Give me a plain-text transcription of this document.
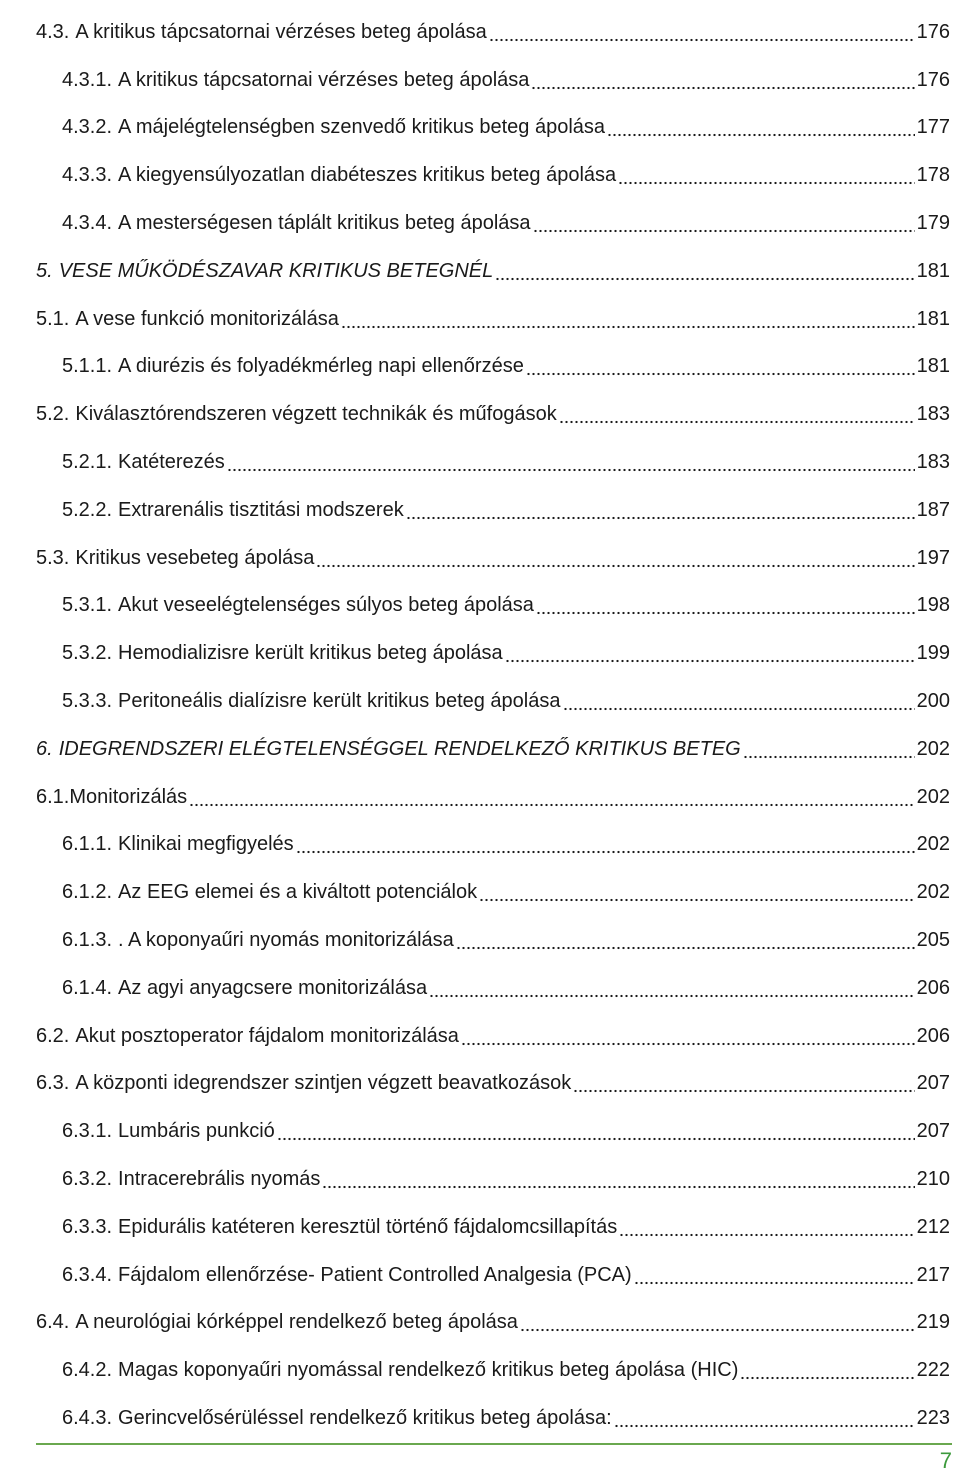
4.3. A kritikus tápcsatornai vérzéses beteg ápolása	176
4.3.1. A kritikus tápcsatornai vérzéses beteg ápolása	176
4.3.2. A májelégtelenségben szenvedő kritikus beteg ápolása	177
4.3.3. A kiegyensúlyozatlan diabéteszes kritikus beteg ápolása	178
4.3.4. A mesterségesen táplált kritikus beteg ápolása	179
5. VESE MŰKÖDÉSZAVAR KRITIKUS BETEGNÉL	181
5.1. A vese funkció monitorizálása	181
5.1.1. A diurézis és folyadékmérleg napi ellenőrzése	181
5.2. Kiválasztórendszeren végzett technikák és műfogások	183
5.2.1. Katéterezés	183
5.2.2. Extrarenális tisztitási modszerek	187
5.3. Kritikus vesebeteg ápolása	197
5.3.1. Akut veseelégtelenséges súlyos beteg ápolása	198
5.3.2. Hemodializisre került kritikus beteg ápolása	199
5.3.3. Peritoneális dialízisre került kritikus beteg ápolása	200
6. IDEGRENDSZERI ELÉGTELENSÉGGEL RENDELKEZŐ KRITIKUS BETEG	202
6.1. Monitorizálás	202
6.1.1. Klinikai megfigyelés	202
6.1.2. Az EEG elemei és a kiváltott potenciálok	202
6.1.3. . A koponyaűri nyomás monitorizálása	205
6.1.4. Az agyi anyagcsere monitorizálása	206
6.2. Akut posztoperator fájdalom monitorizálása	206
6.3. A központi idegrendszer szintjen végzett beavatkozások	207
6.3.1. Lumbáris punkció	207
6.3.2. Intracerebrális nyomás	210
6.3.3. Epidurális katéteren keresztül történő fájdalomcsillapítás	212
6.3.4. Fájdalom ellenőrzése- Patient Controlled Analgesia (PCA)	217
6.4. A neurológiai kórképpel rendelkező beteg ápolása	219
6.4.2. Magas koponyaűri nyomással rendelkező kritikus beteg ápolása (HIC)	222
6.4.3. Gerincvelősérüléssel rendelkező kritikus beteg ápolása:	223
7
